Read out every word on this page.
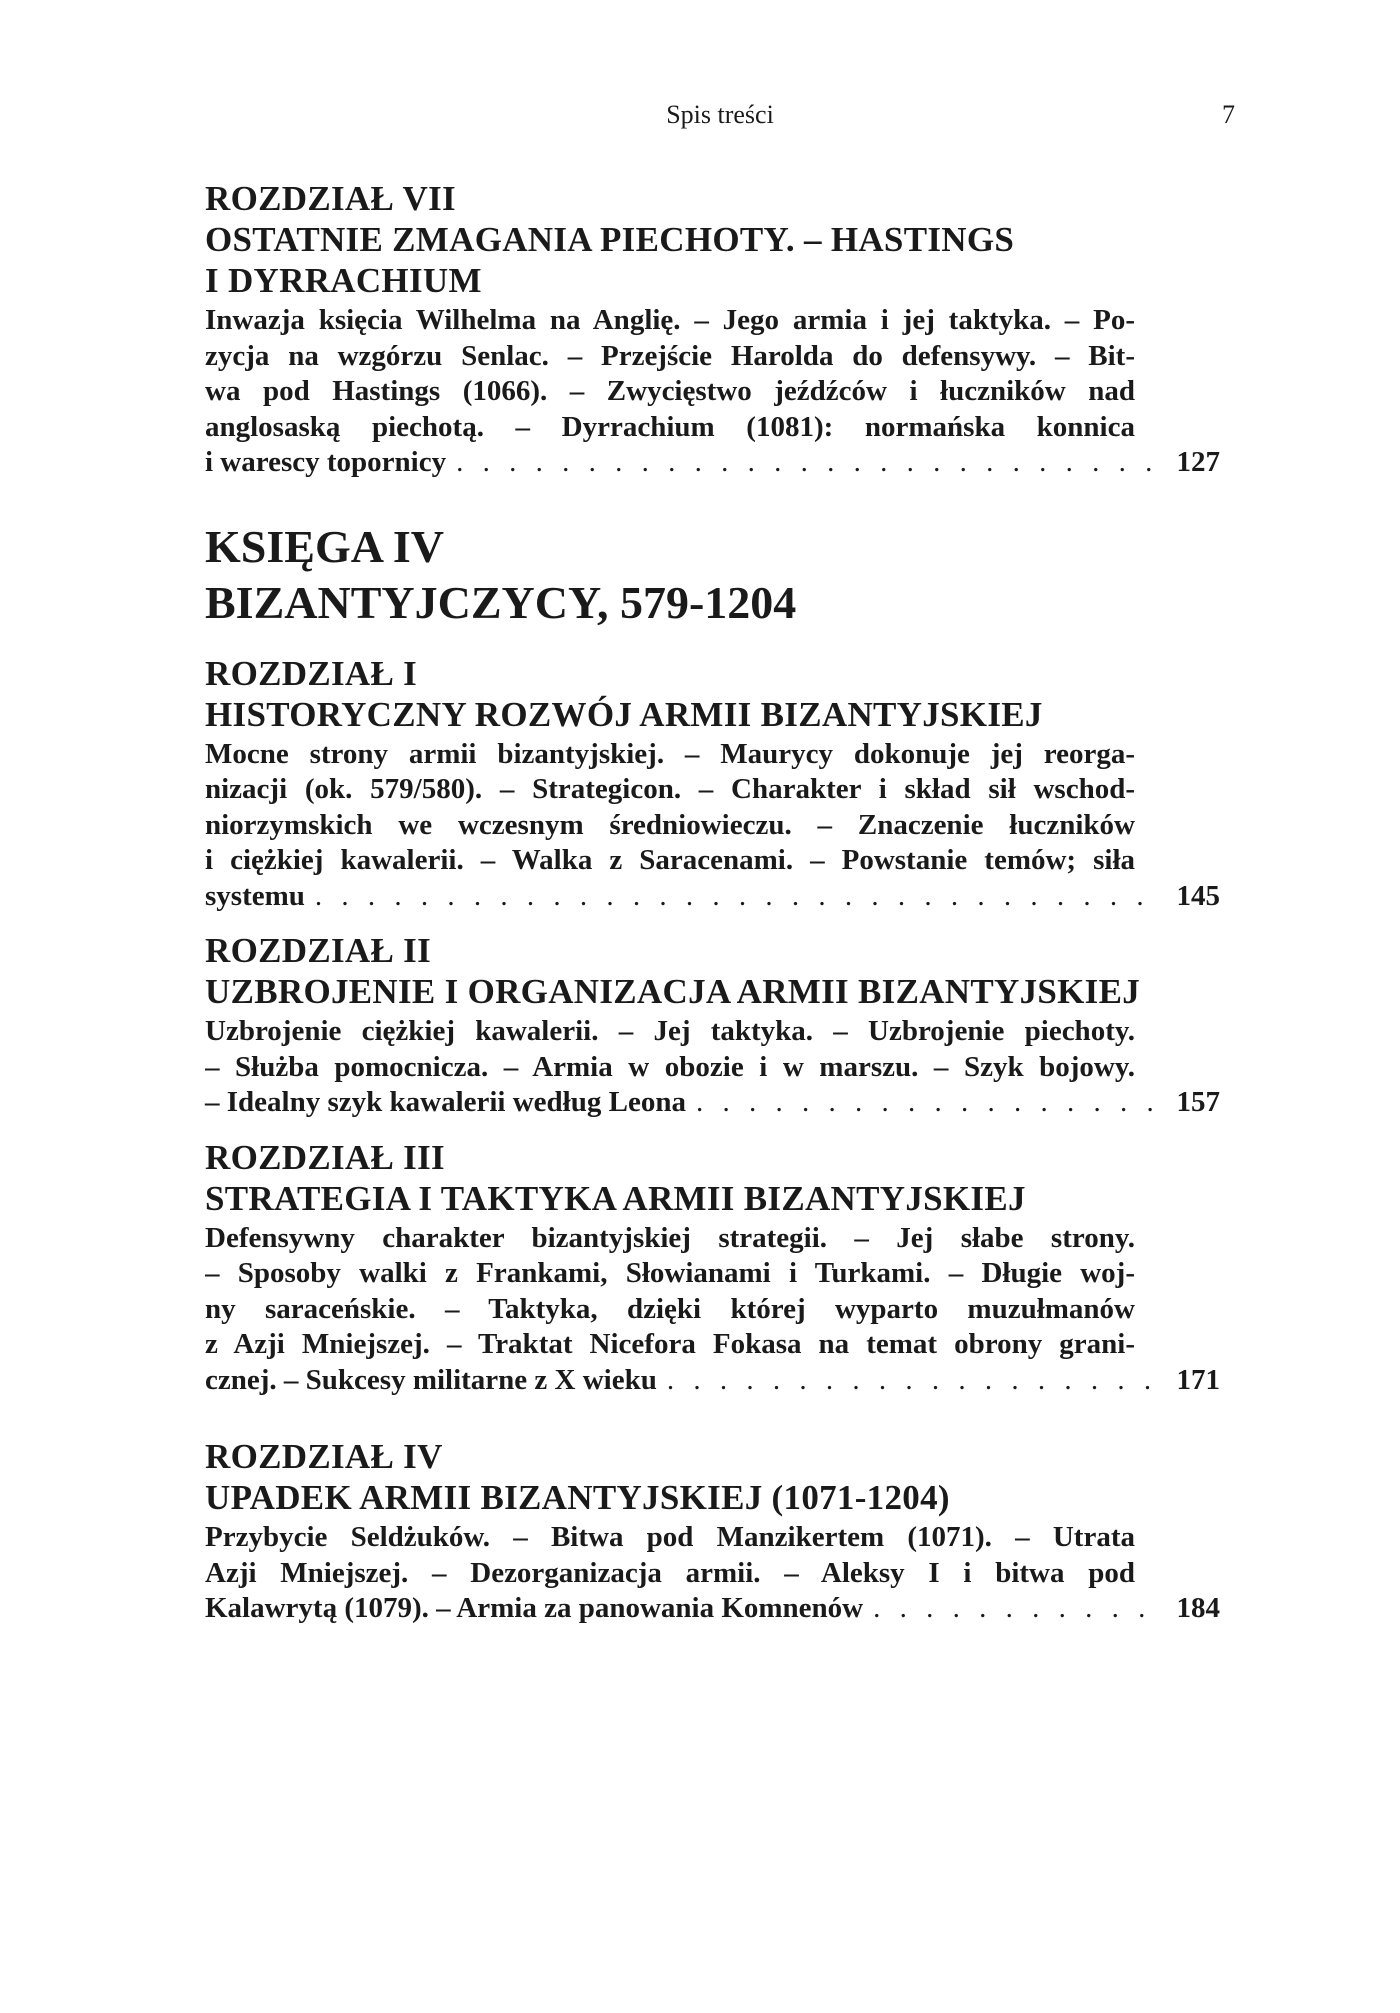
Spis treści	7

ROZDZIAŁ VII

OSTATNIE ZMAGANIA PIECHOTY. – HASTINGS

I DYRRACHIUM

Inwazja księcia Wilhelma na Anglię. – Jego armia i jej taktyka. – Po-
zycja na wzgórzu Senlac. – Przejście Harolda do defensywy. – Bit-
wa pod Hastings (1066). – Zwycięstwo jeźdźców i łuczników nad
anglosaską piechotą. – Dyrrachium (1081): normańska konnica
i warescy topornicy . . .	127

KSIĘGA IV

BIZANTYJCZYCY, 579-1204

ROZDZIAŁ I

HISTORYCZNY ROZWÓJ ARMII BIZANTYJSKIEJ

Mocne strony armii bizantyjskiej. – Maurycy dokonuje jej reorga-
nizacji (ok. 579/580). – Strategicon. – Charakter i skład sił wschod-
niorzymskich we wczesnym średniowieczu. – Znaczenie łuczników
i ciężkiej kawalerii. – Walka z Saracenami. – Powstanie temów; siła
systemu . . .	145

ROZDZIAŁ II

UZBROJENIE I ORGANIZACJA ARMII BIZANTYJSKIEJ

Uzbrojenie ciężkiej kawalerii. – Jej taktyka. – Uzbrojenie piechoty.
– Służba pomocnicza. – Armia w obozie i w marszu. – Szyk bojowy.
– Idealny szyk kawalerii według Leona . . .	157

ROZDZIAŁ III

STRATEGIA I TAKTYKA ARMII BIZANTYJSKIEJ

Defensywny charakter bizantyjskiej strategii. – Jej słabe strony.
– Sposoby walki z Frankami, Słowianami i Turkami. – Długie woj-
ny saraceńskie. – Taktyka, dzięki której wyparto muzułmanów
z Azji Mniejszej. – Traktat Nicefora Fokasa na temat obrony grani-
cznej. – Sukcesy militarne z X wieku . . .	171

ROZDZIAŁ IV

UPADEK ARMII BIZANTYJSKIEJ (1071-1204)

Przybycie Seldżuków. – Bitwa pod Manzikertem (1071). – Utrata
Azji Mniejszej. – Dezorganizacja armii. – Aleksy I i bitwa pod
Kalawrytą (1079). – Armia za panowania Komnenów . . .	184
